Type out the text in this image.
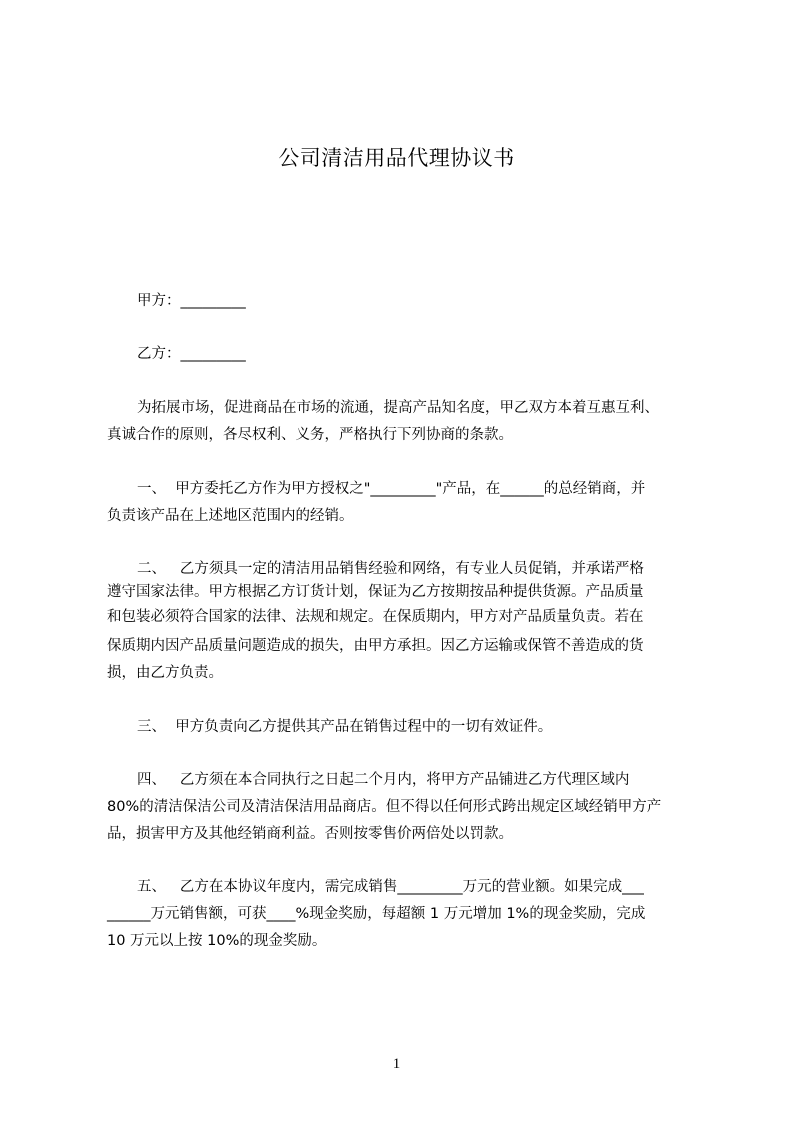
公司清洁用品代理协议书
甲方：_________
乙方：_________
为拓展市场，促进商品在市场的流通，提高产品知名度，甲乙双方本着互惠互利、
真诚合作的原则，各尽权利、义务，严格执行下列协商的条款。
一、  甲方委托乙方作为甲方授权之"_________"产品，在______的总经销商，并
负责该产品在上述地区范围内的经销。
二、   乙方须具一定的清洁用品销售经验和网络，有专业人员促销，并承诺严格
遵守国家法律。甲方根据乙方订货计划，保证为乙方按期按品种提供货源。产品质量
和包装必须符合国家的法律、法规和规定。在保质期内，甲方对产品质量负责。若在
保质期内因产品质量问题造成的损失，由甲方承担。因乙方运输或保管不善造成的货
损，由乙方负责。
三、  甲方负责向乙方提供其产品在销售过程中的一切有效证件。
四、   乙方须在本合同执行之日起二个月内，将甲方产品铺进乙方代理区域内
80%的清洁保洁公司及清洁保洁用品商店。但不得以任何形式跨出规定区域经销甲方产
品，损害甲方及其他经销商利益。否则按零售价两倍处以罚款。
五、   乙方在本协议年度内，需完成销售_________万元的营业额。如果完成___
______万元销售额，可获____%现金奖励，每超额 1 万元增加 1%的现金奖励，完成
10 万元以上按 10%的现金奖励。
1
